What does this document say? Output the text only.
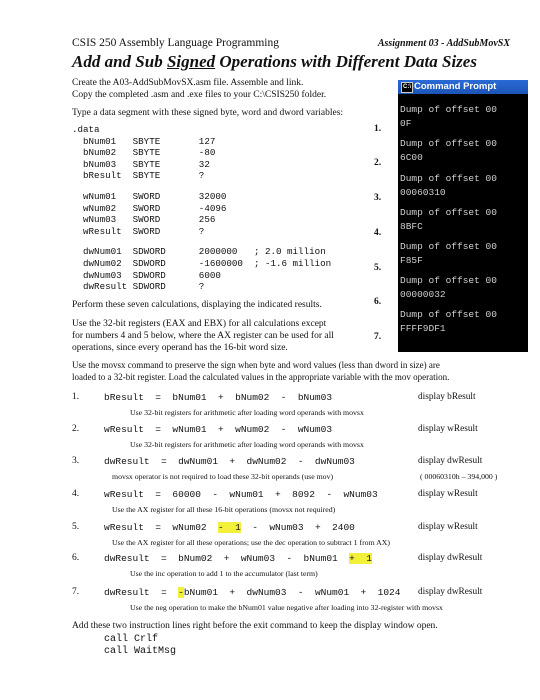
CSIS 250 Assembly Language Programming	Assignment 03 - AddSubMovSX
Add and Sub Signed Operations with Different Data Sizes
Create the A03-AddSubMovSX.asm file. Assemble and link.
Copy the completed .asm and .exe files to your C:\CSIS250 folder.
Type a data segment with these signed byte, word and dword variables:
.data
bNum01   SBYTE       127
bNum02   SBYTE       -80
bNum03   SBYTE       32
bResult  SBYTE       ?
wNum01   SWORD       32000
wNum02   SWORD       -4096
wNum03   SWORD       256
wResult  SWORD       ?
dwNum01  SDWORD      2000000   ; 2.0 million
dwNum02  SDWORD      -1600000  ; -1.6 million
dwNum03  SDWORD      6000
dwResult SDWORD      ?
C:\ Command Prompt
Dump of offset 00
0F
Dump of offset 00
6C00
Dump of offset 00
00060310
Dump of offset 00
8BFC
Dump of offset 00
F85F
Dump of offset 00
00000032
Dump of offset 00
FFFF9DF1
1.
2.
3.
4.
5.
6.
7.
Perform these seven calculations, displaying the indicated results.
Use the 32-bit registers (EAX and EBX) for all calculations except
for numbers 4 and 5 below, where the AX register can be used for all
operations, since every operand has the 16-bit word size.
Use the movsx command to preserve the sign when byte and word values (less than dword in size) are
loaded to a 32-bit register. Load the calculated values in the appropriate variable with the mov operation.
1.	bResult  =  bNum01  +  bNum02  -  bNum03	display bResult
Use 32-bit registers for arithmetic after loading word operands with movsx
2.	wResult  =  wNum01  +  wNum02  -  wNum03	display wResult
Use 32-bit registers for arithmetic after loading word operands with movsx
3.	dwResult  =  dwNum01  +  dwNum02  -  dwNum03	display dwResult
movsx operator is not required to load these 32-bit operands (use mov)	( 00060310h – 394,000 )
4.	wResult  =  60000  -  wNum01  +  8092  -  wNum03	display wResult
Use the AX register for all these 16-bit operations (movsx not required)
5.	wResult  =  wNum02  -  1  -  wNum03  +  2400	display wResult
Use the AX register for all these operations; use the dec operation to subtract 1 from AX)
6.	dwResult  =  bNum02  +  wNum03  -  bNum01  +  1	display dwResult
Use the inc operation to add 1 to the accumulator (last term)
7.	dwResult  =  -bNum01  +  dwNum03  -  wNum01  +  1024 display dwResult
Use the neg operation to make the bNum01 value negative after loading into 32-register with movsx
Add these two instruction lines right before the exit command to keep the display window open.
call Crlf
call WaitMsg
